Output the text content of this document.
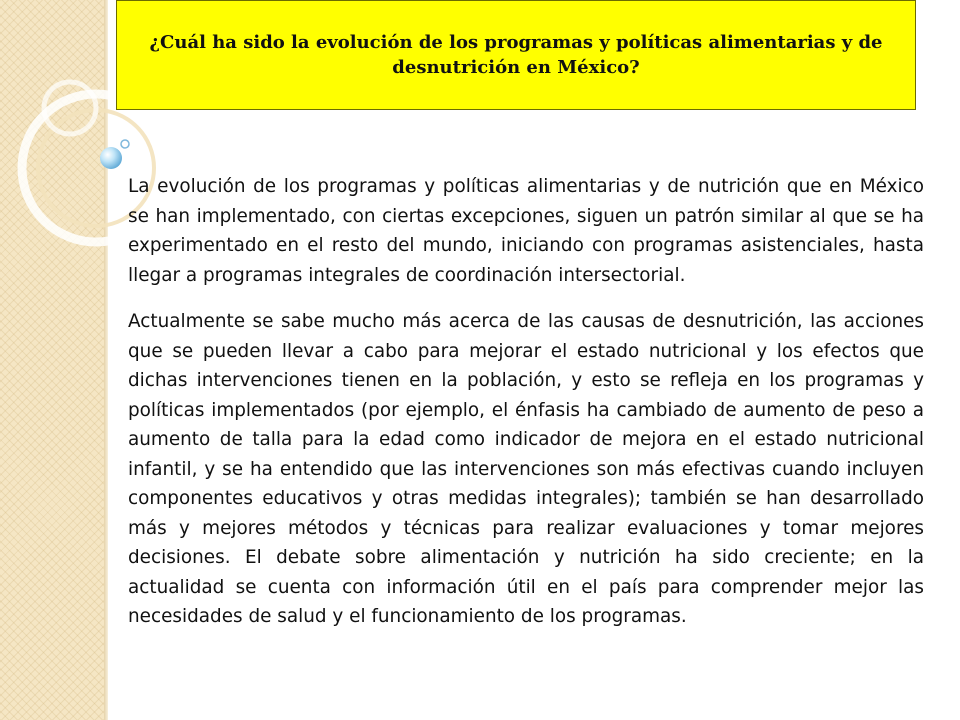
¿Cuál ha sido la evolución de los programas y políticas alimentarias y de desnutrición en México?

La evolución de los programas y políticas alimentarias y de nutrición que en México se han implementado, con ciertas excepciones, siguen un patrón similar al que se ha experimentado en el resto del mundo, iniciando con programas asistenciales, hasta llegar a programas integrales de coordinación intersectorial.

Actualmente se sabe mucho más acerca de las causas de desnutrición, las acciones que se pueden llevar a cabo para mejorar el estado nutricional y los efectos que dichas intervenciones tienen en la población, y esto se refleja en los programas y políticas implementados (por ejemplo, el énfasis ha cambiado de aumento de peso a aumento de talla para la edad como indicador de mejora en el estado nutricional infantil, y se ha entendido que las intervenciones son más efectivas cuando incluyen componentes educativos y otras medidas integrales); también se han desarrollado más y mejores métodos y técnicas para realizar evaluaciones y tomar mejores decisiones. El debate sobre alimentación y nutrición ha sido creciente; en la actualidad se cuenta con información útil en el país para comprender mejor las necesidades de salud y el funcionamiento de los programas.
